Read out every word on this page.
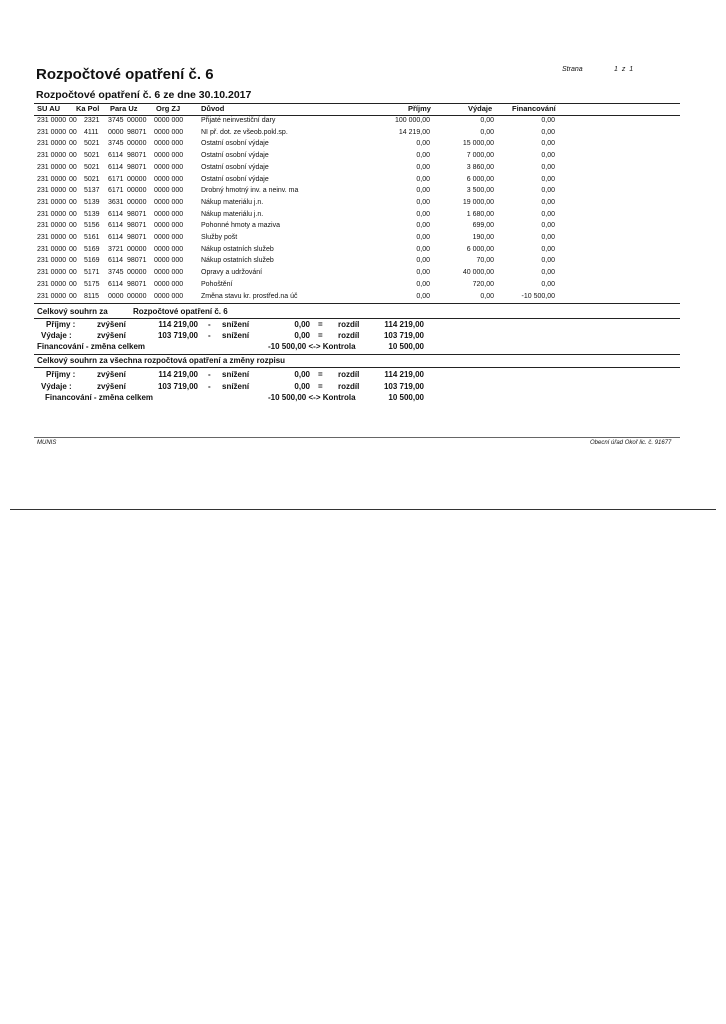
Rozpočtové opatření č. 6	Strana	1 z 1
Rozpočtové opatření č. 6 ze dne 30.10.2017
SU AU Ka Pol Para Uz Org ZJ	Důvod	Příjmy	Výdaje	Financování
231 0000 00 2321 3745 00000 0000 000	Přijaté neinvestiční dary	100 000,00	0,00	0,00
231 0000 00 4111 0000 98071 0000 000	NI př. dot. ze všeob.pokl.sp.	14 219,00	0,00	0,00
231 0000 00 5021 3745 00000 0000 000	Ostatní osobní výdaje	0,00	15 000,00	0,00
231 0000 00 5021 6114 98071 0000 000	Ostatní osobní výdaje	0,00	7 000,00	0,00
231 0000 00 5021 6114 98071 0000 000	Ostatní osobní výdaje	0,00	3 860,00	0,00
231 0000 00 5021 6171 00000 0000 000	Ostatní osobní výdaje	0,00	6 000,00	0,00
231 0000 00 5137 6171 00000 0000 000	Drobný hmotný inv. a neinv. ma	0,00	3 500,00	0,00
231 0000 00 5139 3631 00000 0000 000	Nákup materiálu j.n.	0,00	19 000,00	0,00
231 0000 00 5139 6114 98071 0000 000	Nákup materiálu j.n.	0,00	1 680,00	0,00
231 0000 00 5156 6114 98071 0000 000	Pohonné hmoty a maziva	0,00	699,00	0,00
231 0000 00 5161 6114 98071 0000 000	Služby pošt	0,00	190,00	0,00
231 0000 00 5169 3721 00000 0000 000	Nákup ostatních služeb	0,00	6 000,00	0,00
231 0000 00 5169 6114 98071 0000 000	Nákup ostatních služeb	0,00	70,00	0,00
231 0000 00 5171 3745 00000 0000 000	Opravy a udržování	0,00	40 000,00	0,00
231 0000 00 5175 6114 98071 0000 000	Pohoštění	0,00	720,00	0,00
231 0000 00 8115 0000 00000 0000 000	Změna stavu kr. prostřed.na úč	0,00	0,00	-10 500,00
Celkový souhrn za	Rozpočtové opatření č. 6
Příjmy :	zvýšení	114 219,00 - snížení	0,00 = rozdíl	114 219,00
Výdaje :	zvýšení	103 719,00 - snížení	0,00 = rozdíl	103 719,00
Financování - změna celkem	-10 500,00 <-> Kontrola	10 500,00
Celkový souhrn za všechna rozpočtová opatření a změny rozpisu
Příjmy :	zvýšení	114 219,00 - snížení	0,00 = rozdíl	114 219,00
Výdaje :	zvýšení	103 719,00 - snížení	0,00 = rozdíl	103 719,00
Financování - změna celkem	-10 500,00 <-> Kontrola	10 500,00
MUNIS	Obecní úřad Okoř lic. č. 91677
